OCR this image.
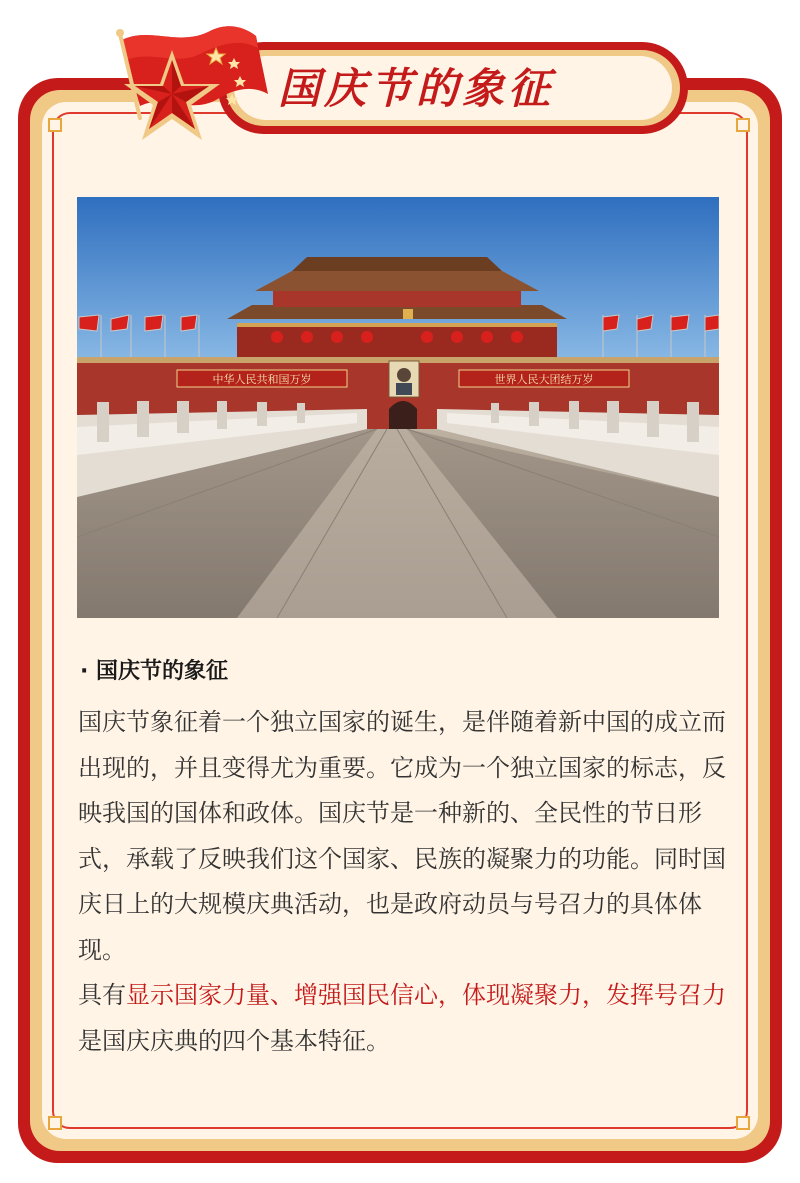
国庆节的象征
中华人民共和国万岁	世界人民大团结万岁
· 国庆节的象征

国庆节象征着一个独立国家的诞生，是伴随着新中国的成立而出现的，并且变得尤为重要。它成为一个独立国家的标志，反映我国的国体和政体。国庆节是一种新的、全民性的节日形式，承载了反映我们这个国家、民族的凝聚力的功能。同时国庆日上的大规模庆典活动，也是政府动员与号召力的具体体现。

具有显示国家力量、增强国民信心，体现凝聚力，发挥号召力是国庆庆典的四个基本特征。
